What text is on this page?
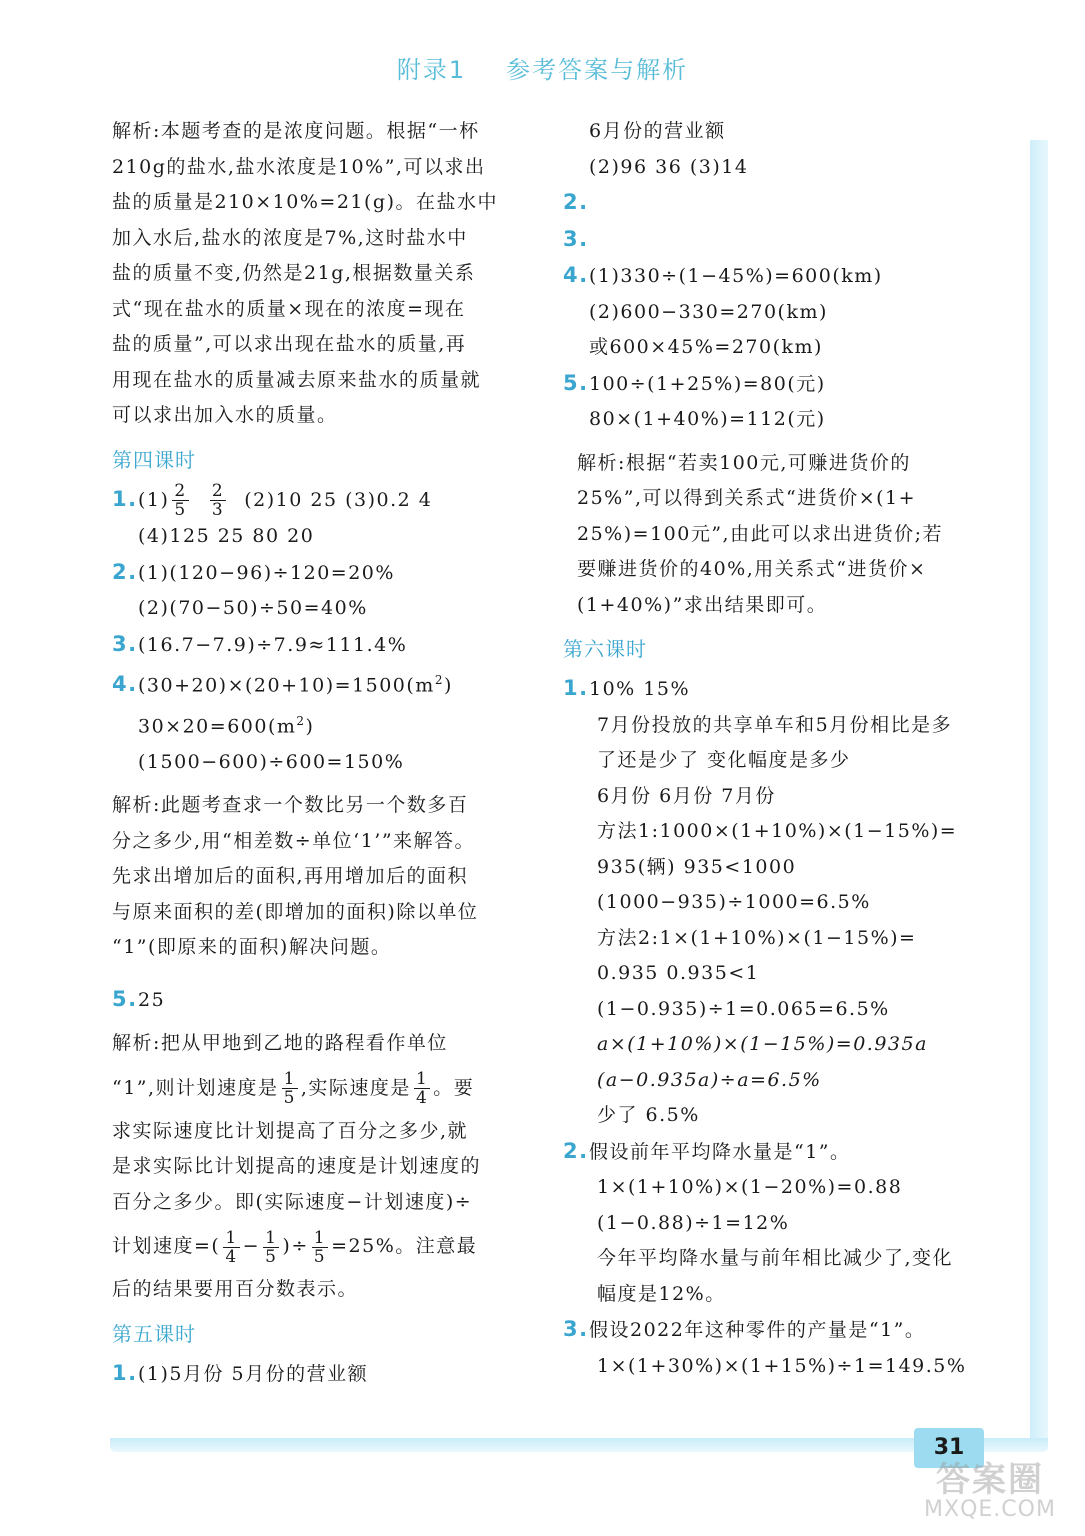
附录1 参考答案与解析
解析:本题考查的是浓度问题。根据“一杯
210g的盐水,盐水浓度是10%”,可以求出
盐的质量是210×10%=21(g)。在盐水中
加入水后,盐水的浓度是7%,这时盐水中
盐的质量不变,仍然是21g,根据数量关系
式“现在盐水的质量×现在的浓度=现在
盐的质量”,可以求出现在盐水的质量,再
用现在盐水的质量减去原来盐水的质量就
可以求出加入水的质量。
第四课时
$1.(1) \frac{2}{5}$
$\frac{2}{3} (2)10$ 25 (3)0.2 4
(4)125 25 80 20
2.(1)(120−96)÷120=20%
(2)(70−50)÷50=40%
3.(16.7−7.9)÷7.9≈111.4%
$4.(30+20)\times(20+10)=1500(m^2)$
$30\times 20=600(m^2)$
(1500−600)÷600=150%
解析:此题考查求一个数比另一个数多百
分之多少,用“相差数÷单位‘1’”来解答。
先求出增加后的面积,再用增加后的面积
与原来面积的差(即增加的面积)除以单位
“1”(即原来的面积)解决问题。
5.25
解析:把从甲地到乙地的路程看作单位
“1”,则计划速度是 $\frac{1}{5}$ ,实际速度是 $\frac{1}{4}$ 。要
求实际速度比计划提高了百分之多少,就
是求实际比计划提高的速度是计划速度的
百分之多少。即(实际速度−计划速度)÷
计划速度=( $\frac{1}{4} - \frac{1}{5}$ )÷ $\frac{1}{5} =25\%$。注意最
后的结果要用百分数表示。
第五课时
1.(1)5月份 5月份的营业额
6月份的营业额
(2)96 36 (3)14
2.
3.
4.(1)330÷(1−45%)=600(km)
(2)600−330=270(km)
或600×45%=270(km)
5.100÷(1+25%)=80(元)
80×(1+40%)=112(元)
解析:根据“若卖100元,可赚进货价的
25%”,可以得到关系式“进货价×(1+
25%)=100元”,由此可以求出进货价;若
要赚进货价的40%,用关系式“进货价×
(1+40%)”求出结果即可。
第六课时
1.10% 15%
7月份投放的共享单车和5月份相比是多
了还是少了 变化幅度是多少
6月份 6月份 7月份
方法1:1000×(1+10%)×(1−15%)=
935(辆) 935<1000
(1000−935)÷1000=6.5%
方法2:1×(1+10%)×(1−15%)=
0.935 0.935<1
(1−0.935)÷1=0.065=6.5%
a×(1+10%)×(1−15%)=0.935a
(a−0.935a)÷a=6.5%
少了 6.5%
2.假设前年平均降水量是“1”。
1×(1+10%)×(1−20%)=0.88
(1−0.88)÷1=12%
今年平均降水量与前年相比减少了,变化
幅度是12%。
3.假设2022年这种零件的产量是“1”。
1×(1+30%)×(1+15%)÷1=149.5%
31
答案圈
MXQE.COM
